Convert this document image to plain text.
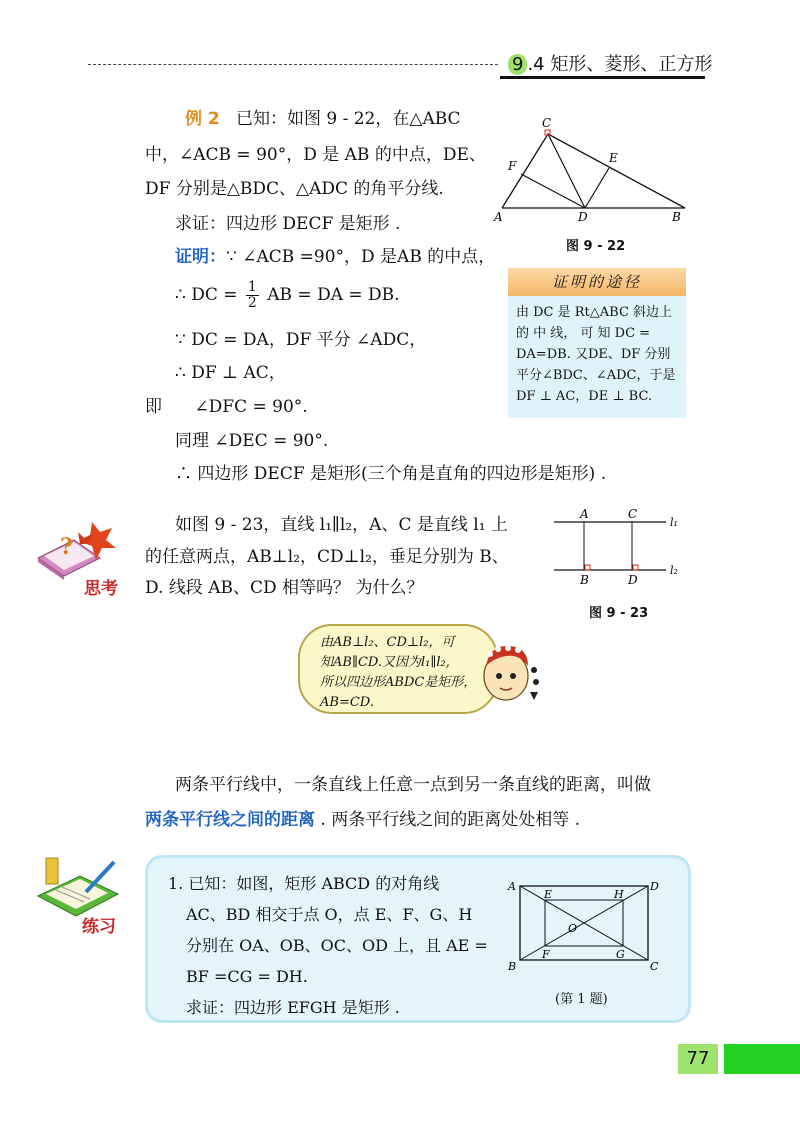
9 .4 矩形、菱形、正方形
例 2 已知：如图 9 - 22，在△ABC
中，∠ACB = 90°，D 是 AB 的中点，DE、
DF 分别是△BDC、△ADC 的角平分线.
求证：四边形 DECF 是矩形 .
证明：∵ ∠ACB =90°，D 是AB 的中点，
∴ DC = $\frac{1}{2}$ AB = DA = DB.
∵ DC = DA，DF 平分 ∠ADC，
∴ DF ⊥ AC，
即 ∠DFC = 90°.
同理 ∠DEC = 90°.
∴ 四边形 DECF 是矩形(三个角是直角的四边形是矩形) .
C
F
E
A	D	B
图 9 - 22
证明的途径
由 DC 是 Rt△ABC 斜边上
的 中 线， 可 知 DC =
DA=DB. 又DE、DF 分别
平分∠BDC、∠ADC，于是
DF ⊥ AC，DE ⊥ BC.
?
思考
如图 9 - 23，直线 l₁∥l₂，A、C 是直线 l₁ 上
的任意两点，AB⊥l₂，CD⊥l₂，垂足分别为 B、
D. 线段 AB、CD 相等吗？ 为什么？
A	C
B	D
l₁
l₂
图 9 - 23
由AB⊥l₂、CD⊥l₂，可
知AB∥CD.又因为l₁∥l₂,
所以四边形ABDC是矩形，
AB=CD.
两条平行线中，一条直线上任意一点到另一条直线的距离，叫做
两条平行线之间的距离 . 两条平行线之间的距离处处相等 .
练习
1. 已知：如图，矩形 ABCD 的对角线
AC、BD 相交于点 O，点 E、F、G、H
分别在 OA、OB、OC、OD 上，且 AE =
BF =CG = DH.
求证：四边形 EFGH 是矩形 .
A	D
B	C
E	H
F	G
O
(第 1 题)
77
